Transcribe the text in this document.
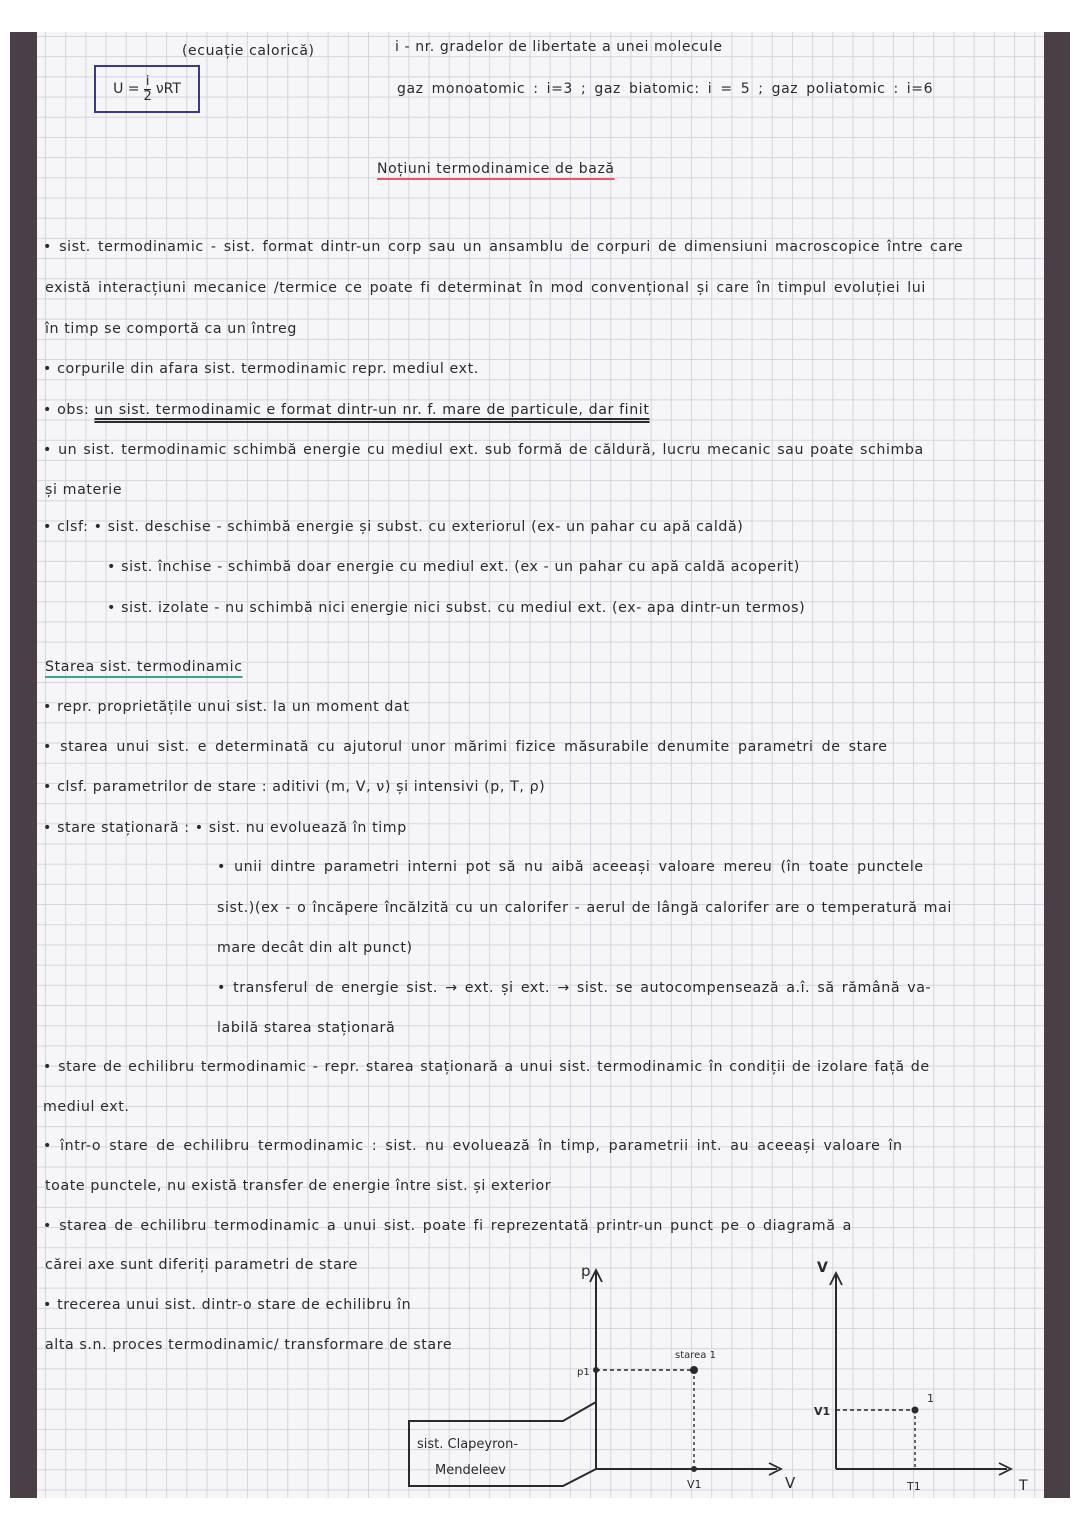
$U = \frac{i}{2}$ νRT
(ecuație calorică)	i - nr. gradelor de libertate a unei molecule
gaz monoatomic : i=3 ; gaz biatomic: i = 5 ; gaz poliatomic : i=6
Noțiuni termodinamice de bază
• sist. termodinamic - sist. format dintr-un corp sau un ansamblu de corpuri de dimensiuni macroscopice între care
există interacțiuni mecanice /termice ce poate fi determinat în mod convențional și care în timpul evoluției lui
în timp se comportă ca un întreg
• corpurile din afara sist. termodinamic repr. mediul ext.
• obs: un sist. termodinamic e format dintr-un nr. f. mare de particule, dar finit
• un sist. termodinamic schimbă energie cu mediul ext. sub formă de căldură, lucru mecanic sau poate schimba
și materie
• clsf: • sist. deschise - schimbă energie și subst. cu exteriorul (ex- un pahar cu apă caldă)
• sist. închise - schimbă doar energie cu mediul ext. (ex - un pahar cu apă caldă acoperit)
• sist. izolate - nu schimbă nici energie nici subst. cu mediul ext. (ex- apa dintr-un termos)
Starea sist. termodinamic
• repr. proprietățile unui sist. la un moment dat
• starea unui sist. e determinată cu ajutorul unor mărimi fizice măsurabile denumite parametri de stare
• clsf. parametrilor de stare : aditivi (m, V, ν) și intensivi (p, T, ρ)
• stare staționară : • sist. nu evoluează în timp
• unii dintre parametri interni pot să nu aibă aceeași valoare mereu (în toate punctele
sist.)(ex - o încăpere încălzită cu un calorifer - aerul de lângă calorifer are o temperatură mai
mare decât din alt punct)
• transferul de energie sist. → ext. și ext. → sist. se autocompensează a.î. să rămână va-
labilă starea staționară
• stare de echilibru termodinamic - repr. starea staționară a unui sist. termodinamic în condiții de izolare față de
mediul ext.
• într-o stare de echilibru termodinamic : sist. nu evoluează în timp, parametrii int. au aceeași valoare în
toate punctele, nu există transfer de energie între sist. și exterior
• starea de echilibru termodinamic a unui sist. poate fi reprezentată printr-un punct pe o diagramă a
cărei axe sunt diferiți parametri de stare
• trecerea unui sist. dintr-o stare de echilibru în
alta s.n. proces termodinamic/ transformare de stare
p
V
p1
V1
starea 1
sist. Clapeyron-
Mendeleev
V
T
V1
T1
1
